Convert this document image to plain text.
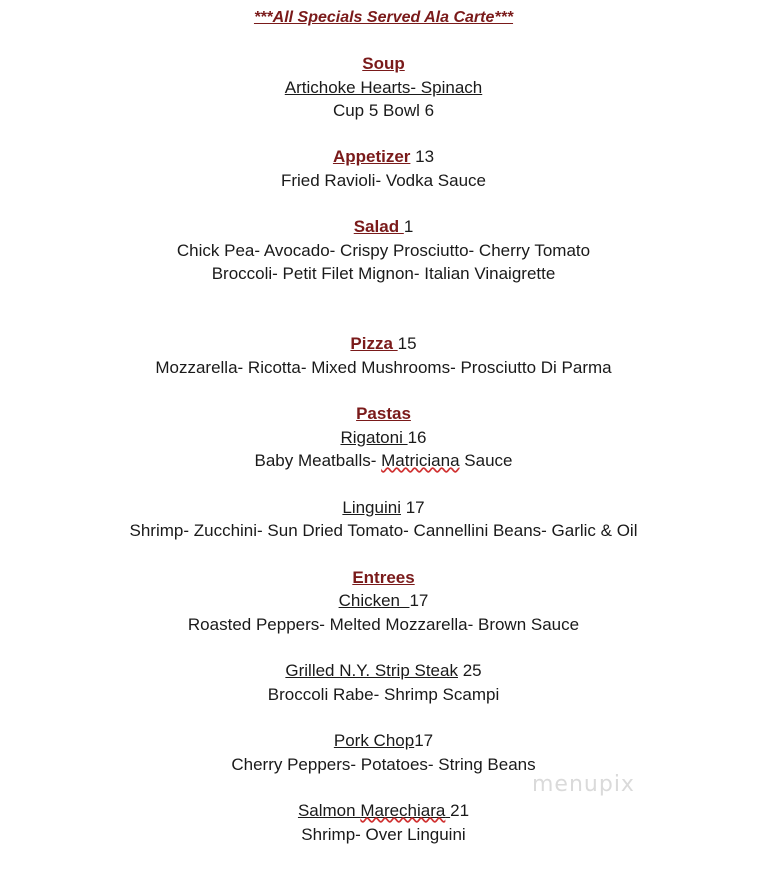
***All Specials Served Ala Carte***
Soup
Artichoke Hearts- Spinach
Cup 5 Bowl 6
Appetizer 13
Fried Ravioli- Vodka Sauce
Salad 1
Chick Pea- Avocado- Crispy Prosciutto- Cherry Tomato
Broccoli- Petit Filet Mignon- Italian Vinaigrette
Pizza 15
Mozzarella- Ricotta- Mixed Mushrooms- Prosciutto Di Parma
Pastas
Rigatoni 16
Baby Meatballs- Matriciana Sauce
Linguini 17
Shrimp- Zucchini- Sun Dried Tomato- Cannellini Beans- Garlic & Oil
Entrees
Chicken  17
Roasted Peppers- Melted Mozzarella- Brown Sauce
Grilled N.Y. Strip Steak 25
Broccoli Rabe- Shrimp Scampi
Pork Chop17
Cherry Peppers- Potatoes- String Beans
Salmon Marechiara 21
Shrimp- Over Linguini
menupix
